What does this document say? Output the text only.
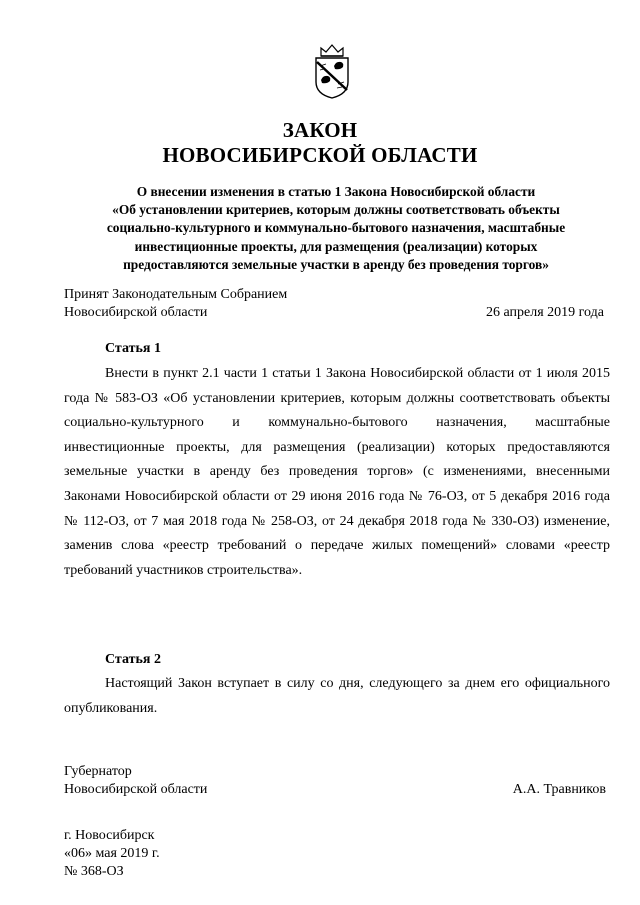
ЗАКОН
НОВОСИБИРСКОЙ ОБЛАСТИ
О внесении изменения в статью 1 Закона Новосибирской области
«Об установлении критериев, которым должны соответствовать объекты
социально-культурного и коммунально-бытового назначения, масштабные
инвестиционные проекты, для размещения (реализации) которых
предоставляются земельные участки в аренду без проведения торгов»
Принят Законодательным Собранием
Новосибирской области	26 апреля 2019 года
Статья 1
Внести в пункт 2.1 части 1 статьи 1 Закона Новосибирской области от 1 июля 2015 года № 583-ОЗ «Об установлении критериев, которым должны соответствовать объекты социально-культурного и коммунально-бытового назначения, масштабные инвестиционные проекты, для размещения (реализации) которых предоставляются земельные участки в аренду без проведения торгов» (с изменениями, внесенными Законами Новосибирской области от 29 июня 2016 года № 76-ОЗ, от 5 декабря 2016 года № 112-ОЗ, от 7 мая 2018 года № 258-ОЗ, от 24 декабря 2018 года № 330-ОЗ) изменение, заменив слова «реестр требований о передаче жилых помещений» словами «реестр требований участников строительства».
Статья 2
Настоящий Закон вступает в силу со дня, следующего за днем его официального опубликования.
Губернатор
Новосибирской области	А.А. Травников
г. Новосибирск
«06» мая 2019 г.
№ 368-ОЗ
